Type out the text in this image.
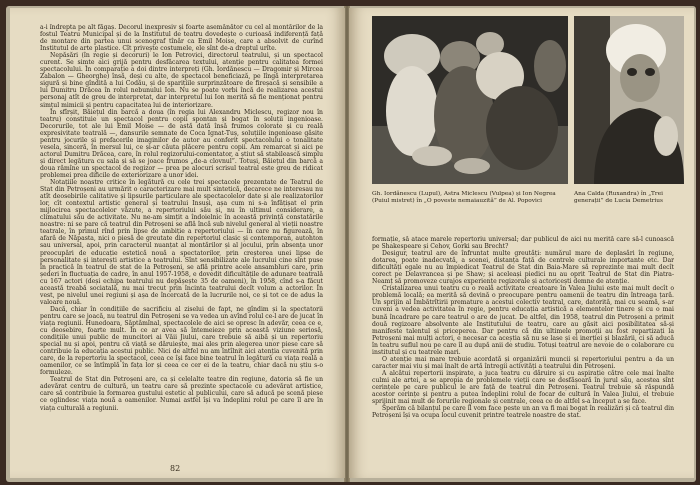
a-i îndrepta pe alt făgaș. Decorul inexpresiv și foarte asemănător cu cel al montărilor de la fostul Teatru Municipal și de la Institutul de teatru dovedește o curioasă indiferență față de montare din partea unui scenograf tînăr ca Emil Moise, care a absolvit de curînd Institutul de arte plastice. Cît privește costumele, ele sînt de-a dreptul urîte.

Nepăsări (în regie și decoruri) le Ion Petrovici, directorul teatrului, și un spectacol curent. Se simte aici grijă pentru desfăcarea textului, atenție pentru calitatea formei spectacolului. În comparație a doi dintre interpreți (Gh. Iordănescu — Dragomir și Mircea Zabalon — Gheorghe) însă, deși cu alte, de spectacol beneficiază, pe lîngă interpretarea sigură și bine gîndită a lui Codău, și de sparițiile surprinzătoare de fireșacă și sensibile a lui Dumitru Drăcea în rolul nebunului Ion. Nu se poate vorbi încă de realizarea acestui personaj atît de greu de interpretat, dar interpretul lui Ion merită să fie menționat pentru simțul mimicii și pentru capacitatea lui de interiorizare.

În sfîrșit, Băiețul din barcă a doua (în regia lui Alexandru Miclescu, regizor nou în teatru) constituie un spectacol pentru copii spontan și bogat în soluții ingenioase. Decorurile, tot ale lui Emil Moise — de astă dată însă frumos colorate și cu reală expresivitate teatrală —, dansurile semnate de Coca Ignat-Tuș, soluțiile ingenioase găsite pentru jocurile și prefacerile imaginilor de autor au conferit spectacolului o tonalitate vesela, sinceră, în mersul lui, ce și-ar căuta plăcere pentru copii. Am remarcat și aici pe actorul Dumitru Drăcea, care, în rolul regizorului-comentator, a știut să stabilească simplu și direct legătura cu sala și să se joace frumos „de-a clovnul”. Totuși, Băiețul din barcă a doua rămîne un spectacol de regizor — prea pe alocuri scrisul teatral este greu de ridicat problemei prea dificile de exteriorizare a unor idei.

Notațiile noastre critice în legătură cu cele trei spectacole prezentate de Teatrul de Stat din Petroșeni au urmărit o caracterizare mai mult sintetică, decarece ne interesau nu atît deosebirile calitative și lipsurile particulare ale spectacolelor date și ale realizatorilor lor, cît contextul artistic general și teatrului Insuși, așa cum ni s-a înfățișat el prin mijlocirea spectacolelor văzute, a repertoriului său și, nu în ultimul considerare, a climatului său de activitate. Nu ne-am simțit a îndoielnic în această privință constatările noastre: ni se pare că teatrul din Petroșeni se află încă sub nivelul general al vieții noastre teatrale, în primul rînd prin lipse de ambiție a repertoriului — în care nu figurează, în afară de Năpasta, nici o piesă de greutate din repertoriul clasic și contemporan, autohton sau universal, apoi, prin caracterul nuanțat al montărilor și al jocului, prin absența unor preocupări de educație estetică nouă a spectatorilor, prin creșterea unei lipse de personalitate și interești artistice a teatrului. Sînt sensibilizate ale lucrului cine sînt puse în practică în teatrul de stat de la Petroșeni, se află printre acele ansambluri care, prin șederi în fluctuația de cadre, în anul 1957-1958, e dovedit dificultățile de adunare teatrală cu 167 actori (deși echipa teatrului nu depășește 35 de oameni), în 1958, cînd s-a făcut această treabă sociatală, nu mai trecut prin încinta teatrului decît volum a actorilor. În vest, pe nivelul unei regiuni și așa de încercată de la lucrurile noi, ce și tot ce de adus la valoare nouă.

Dacă, chiar în condițiile de sacrificiu al ziselui de fapt, ne gîndim și la spectatorii pentru care se joacă, nu teatrul din Petroșeni se va vedea un avînd rolul ce-l are de jucat în viața regiunii. Hunedoara, Săptămînal, spectacolele de aici se opresc în adevăr, ceea ce e, cu deosebire, foarte mult. În ce ar avea să întemeieze prin această viziune seriosă, condițiile unui public de muncitori ai Văii Jiului, care trebuie să aibă și un repertoriu special nu și apoi, pentru că viață se dăruiește, mai ales prin alegerea unor piese care să contribuie la educația acestui public. Nici de altfel nu am întîlnit aici atenția cuvenită prin care, de la repertoriu la spectacol, ceea ce își face bine teatrul în legătură cu viața reală a oamenilor, ce se întîmplă în fața lor și ceea ce cer ei de la teatru, chiar dacă nu știu s-o formuleze.

Teatrul de Stat din Petroșeni are, ca și celelalte teatre din regiune, datoria să fie un adevărat centru de cultură, un teatru care să prezinte spectacole cu adevărat artistice, care să contribuie la formarea gustului estetic al publicului, care să aducă pe scenă piese ce oglindesc viața nouă a oamenilor. Numai astfel își va îndeplini rolul pe care îl are în viața culturală a regiunii.

82
Gh. Iordănescu (Lupul), Astra Miclescu (Vulpea) și Ion Negrea (Puiul mistret) în „O poveste nemaiauzită” de Al. Popovici
Ana Calda (Ruxandra) în „Trei generații” de Lucia Demetrius

formație, să atace marele repertoriu universal; dar publicul de aici nu merită care să-l cunoască pe Shakespeare și Cehov, Gorki sau Brecht?

Desigur, teatrul are de înfruntat multe greutăți: numărul mare de deplasări în regiune, dotarea, poate inadecvată, a scenei, distanța față de centrele culturale importante etc. Dar dificultăți egale nu au împiedicat Teatrul de Stat din Baia-Mare să reprezinte mai mult decît corect pe Delavrancea și pe Shaw; și aceleași piedici nu au oprit Teatrul de Stat din Piatra-Neamț să promoveze curajos experiențe regizorale și actoricești demne de atenție.

Cristalizarea unui teatru cu o reală activitate creatoare în Valea Jiului este mai mult decît o problemă locală; ea merită să devină o preocupare pentru oamenii de teatru din întreaga țară. Un sprijin al Îmbătrîtirii premature a acestui colectiv teatral, care, datorită, mai cu seamă, s-ar cuveni a vedea activitatea în regie, pentru educația artistică a elementelor tinere și cu o mai bună încadrare pe care teatrul o are de jucat. De altfel, din 1958, teatrul din Petroșeni a primit două regizoare absolvente ale Institutului de teatru, care au găsit aici posibilitatea să-și manifeste talentul și priceperea. Dar pentru că din ultimele promoții au fost repartizați la Petroșeni mai mulți actori, e necesar ca aceștia să nu se lase și ei inerției și blazării, ci să aducă în teatru suflul nou pe care îl au după anii de studiu. Totuși teatrul are nevoie de o colaborare cu institutul și cu teatrele mari.

O atenție mai mare trebuie acordată și organizării muncii și repertoriului pentru a da un caracter mai viu și mai înalt de artă întregii activități a teatrului din Petroșeni.

A alcătui repertorii inspirate, a juca teatru cu dăruire și cu aspirație către cele mai înalte culmi ale artei, a se apropia de problemele vieții care se desfășoară în jurul său, acestea sînt cerințele pe care publicul le are față de teatrul din Petroșeni. Teatrul trebuie să răspundă acestor cerințe și pentru a putea îndeplini rolul de focar de cultură în Valea Jiului, el trebuie sprijinit mai mult de forurile regionale și centrale, ceea ce de altfel s-a început a se face.

Sperăm că bilanțul pe care îl vom face peste un an va fi mai bogat în realizări și că teatrul din Petroșeni își va ocupa locul cuvenit printre teatrele noastre de stat.
